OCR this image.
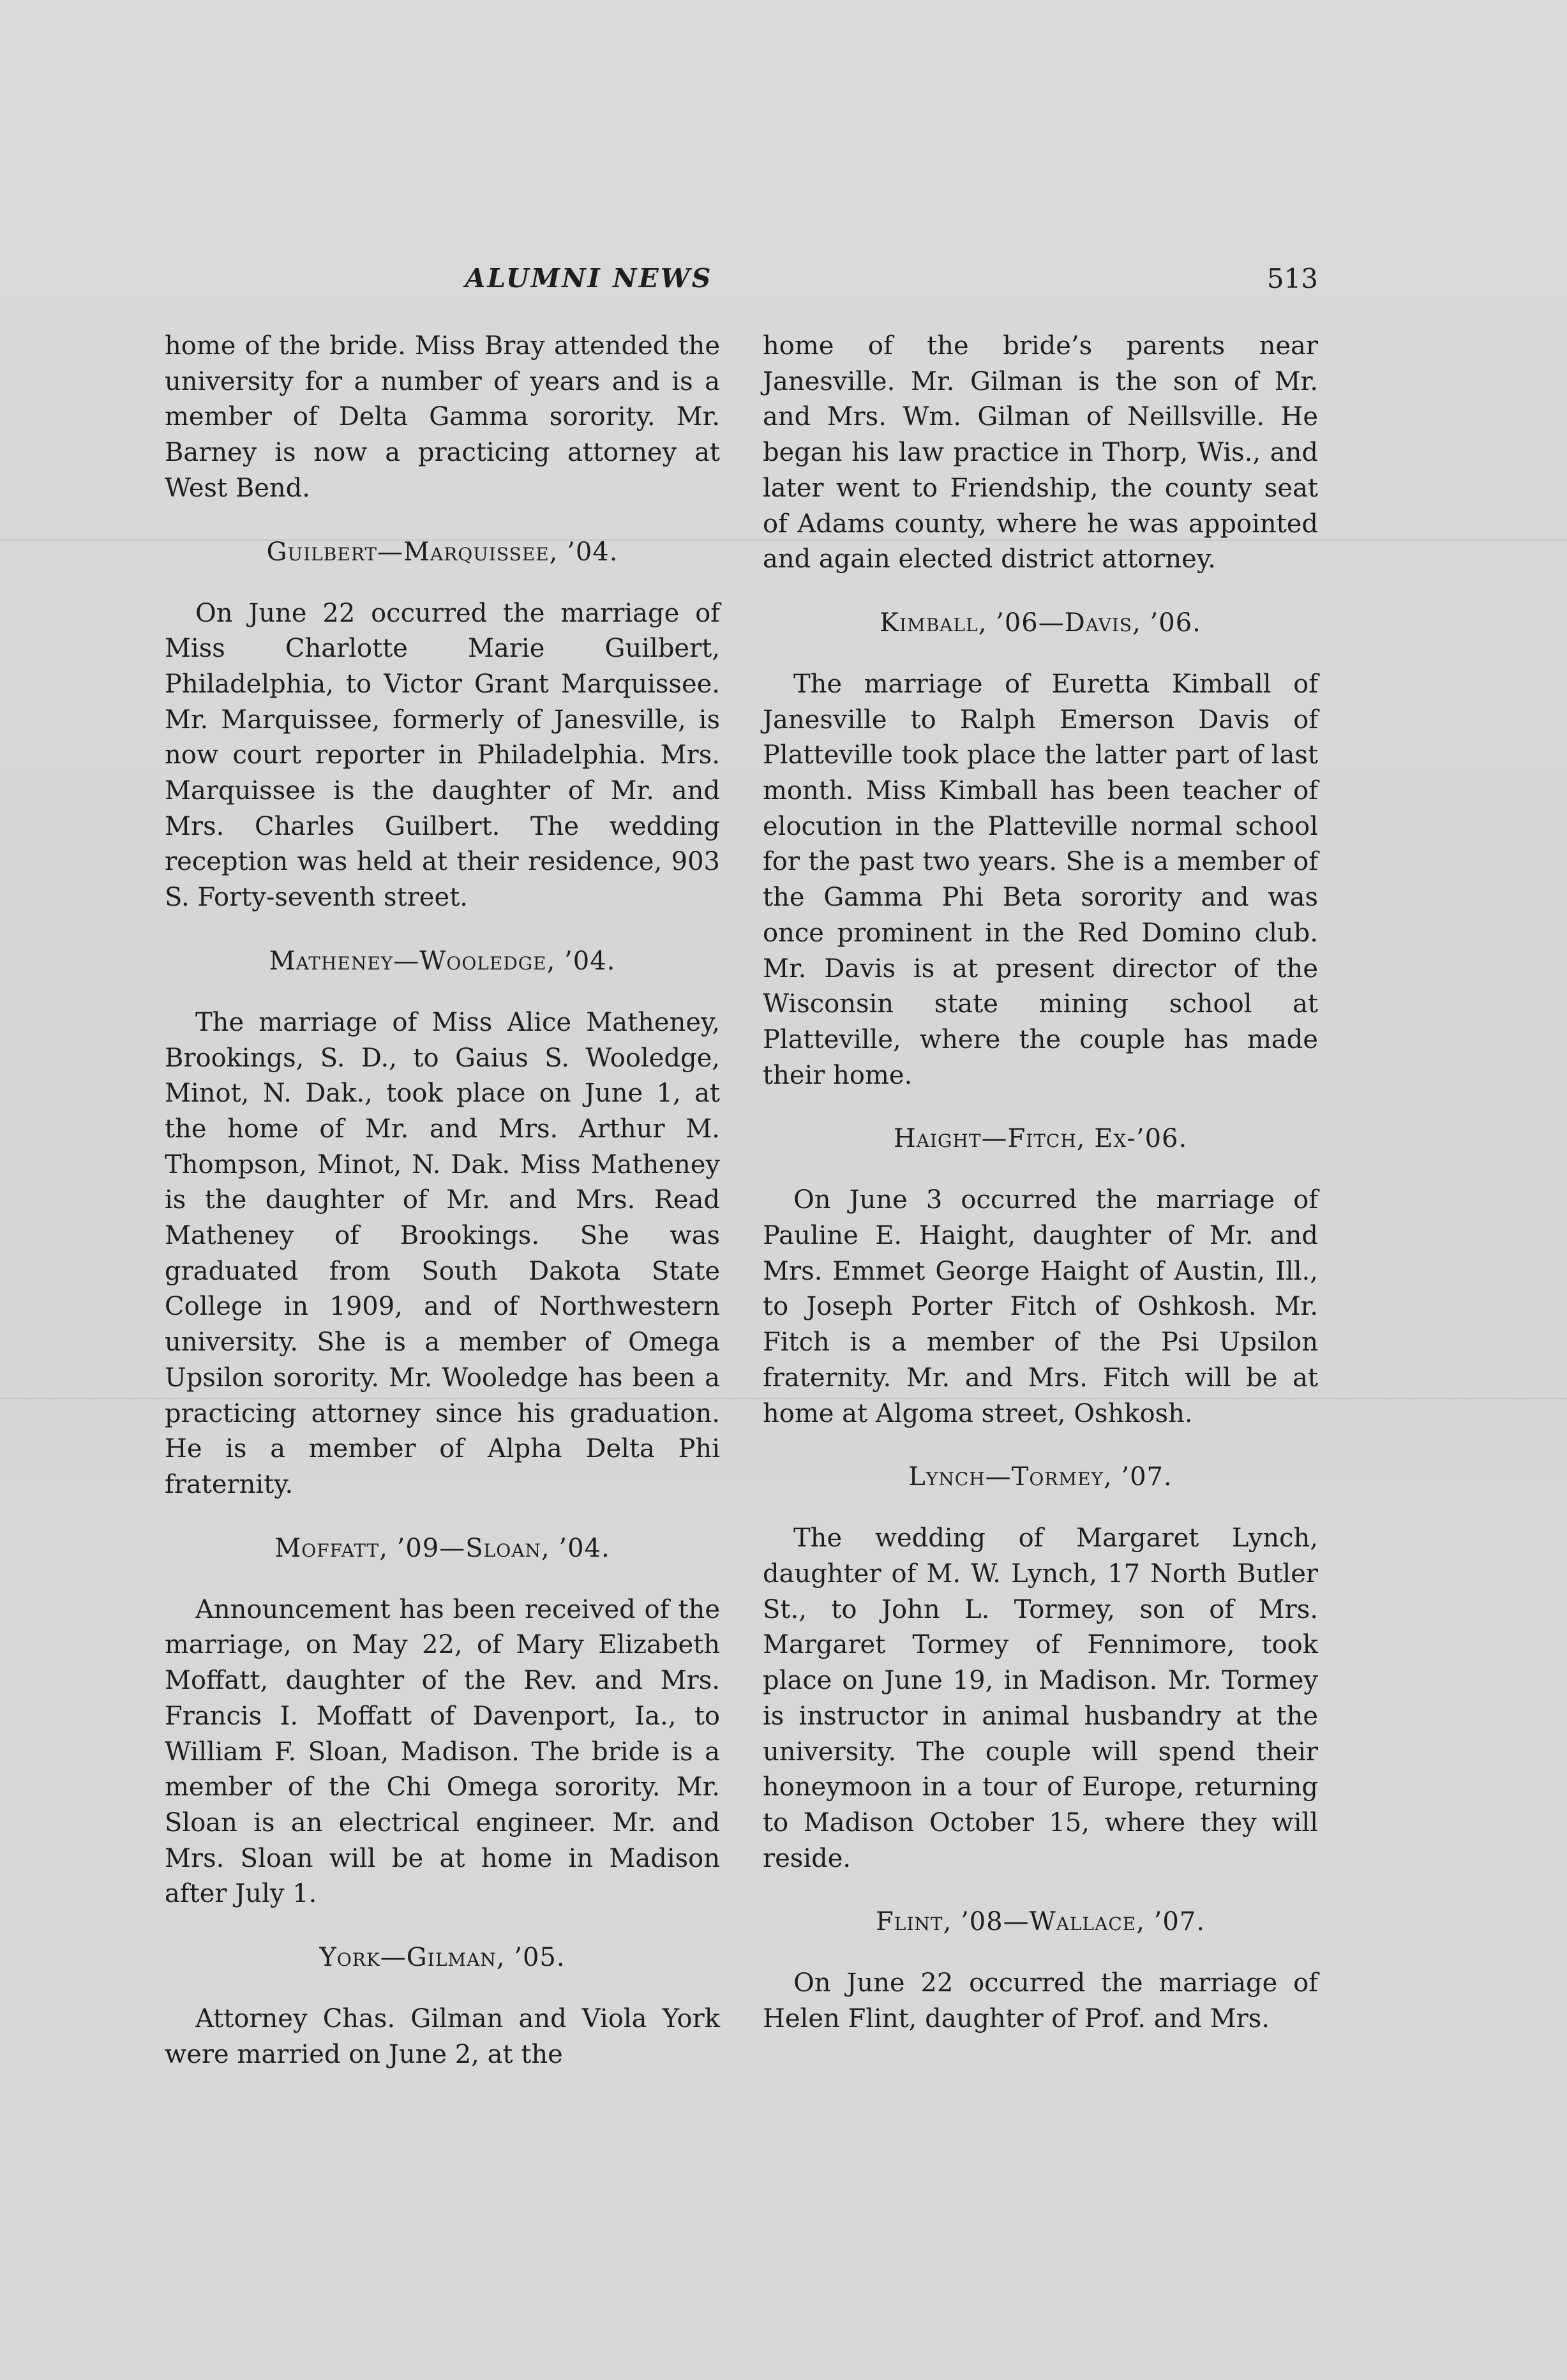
ALUMNI NEWS	513

home of the bride. Miss Bray attended the university for a number of years and is a member of Delta Gamma sorority. Mr. Barney is now a practicing attorney at West Bend.

Guilbert—Marquissee, ’04.

On June 22 occurred the marriage of Miss Charlotte Marie Guilbert, Philadelphia, to Victor Grant Marquissee. Mr. Marquissee, formerly of Janesville, is now court reporter in Philadelphia. Mrs. Marquissee is the daughter of Mr. and Mrs. Charles Guilbert. The wedding reception was held at their residence, 903 S. Forty-seventh street.

Matheney—Wooledge, ’04.

The marriage of Miss Alice Matheney, Brookings, S. D., to Gaius S. Wooledge, Minot, N. Dak., took place on June 1, at the home of Mr. and Mrs. Arthur M. Thompson, Minot, N. Dak. Miss Matheney is the daughter of Mr. and Mrs. Read Matheney of Brookings. She was graduated from South Dakota State College in 1909, and of Northwestern university. She is a member of Omega Upsilon sorority. Mr. Wooledge has been a practicing attorney since his graduation. He is a member of Alpha Delta Phi fraternity.

Moffatt, ’09—Sloan, ’04.

Announcement has been received of the marriage, on May 22, of Mary Elizabeth Moffatt, daughter of the Rev. and Mrs. Francis I. Moffatt of Davenport, Ia., to William F. Sloan, Madison. The bride is a member of the Chi Omega sorority. Mr. Sloan is an electrical engineer. Mr. and Mrs. Sloan will be at home in Madison after July 1.

York—Gilman, ’05.

Attorney Chas. Gilman and Viola York were married on June 2, at the

home of the bride’s parents near Janesville. Mr. Gilman is the son of Mr. and Mrs. Wm. Gilman of Neillsville. He began his law practice in Thorp, Wis., and later went to Friendship, the county seat of Adams county, where he was appointed and again elected district attorney.

Kimball, ’06—Davis, ’06.

The marriage of Euretta Kimball of Janesville to Ralph Emerson Davis of Platteville took place the latter part of last month. Miss Kimball has been teacher of elocution in the Platteville normal school for the past two years. She is a member of the Gamma Phi Beta sorority and was once prominent in the Red Domino club. Mr. Davis is at present director of the Wisconsin state mining school at Platteville, where the couple has made their home.

Haight—Fitch, Ex-’06.

On June 3 occurred the marriage of Pauline E. Haight, daughter of Mr. and Mrs. Emmet George Haight of Austin, Ill., to Joseph Porter Fitch of Oshkosh. Mr. Fitch is a member of the Psi Upsilon fraternity. Mr. and Mrs. Fitch will be at home at Algoma street, Oshkosh.

Lynch—Tormey, ’07.

The wedding of Margaret Lynch, daughter of M. W. Lynch, 17 North Butler St., to John L. Tormey, son of Mrs. Margaret Tormey of Fennimore, took place on June 19, in Madison. Mr. Tormey is instructor in animal husbandry at the university. The couple will spend their honeymoon in a tour of Europe, returning to Madison October 15, where they will reside.

Flint, ’08—Wallace, ’07.

On June 22 occurred the marriage of Helen Flint, daughter of Prof. and Mrs.
